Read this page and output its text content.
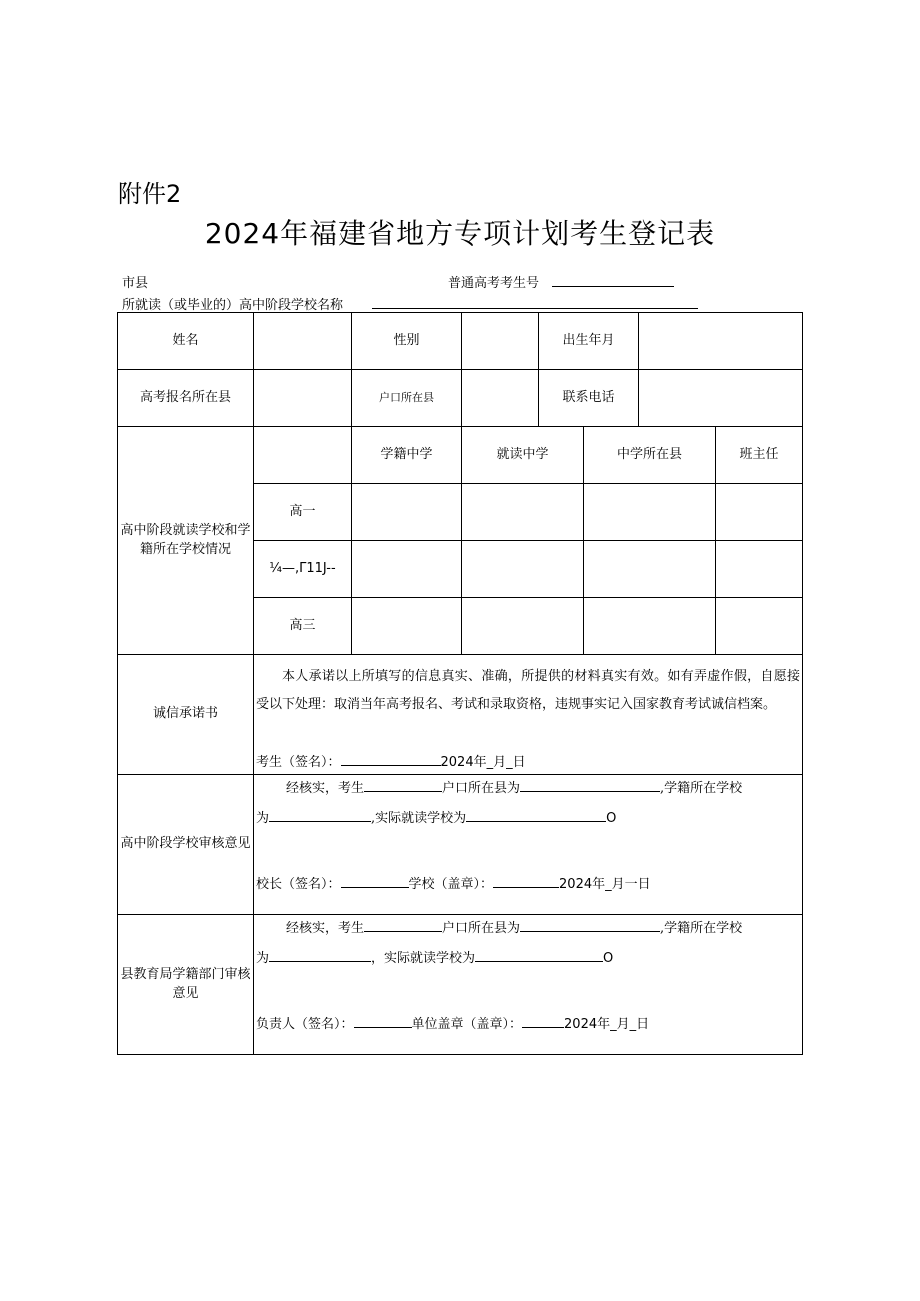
附件2
2024年福建省地方专项计划考生登记表
市县	普通高考考生号
所就读（或毕业的）高中阶段学校名称
姓名		性别		出生年月			
高考报名所在县		户口所在县		联系电话			
高中阶段就读学校和学籍所在学校情况		学籍中学	就读中学		中学所在县		班主任
	高一						
	¼—,Γ11J--						
	高三						
诚信承诺书	本人承诺以上所填写的信息真实、准确，所提供的材料真实有效。如有弄虚作假，自愿接受以下处理：取消当年高考报名、考试和录取资格，违规事实记入国家教育考试诚信档案。
考生（签名）： 2024年_月_日						

高中阶段学校审核意见	经核实，考生 户口所在县为 ,学籍所在学校
为 ,实际就读学校为 O
校长（签名）： 学校（盖章）： 2024年_月一日						

县教育局学籍部门审核意见	经核实，考生 户口所在县为 ,学籍所在学校
为 ，实际就读学校为 O
负责人（签名）： 单位盖章（盖章）： 2024年_月_日						
